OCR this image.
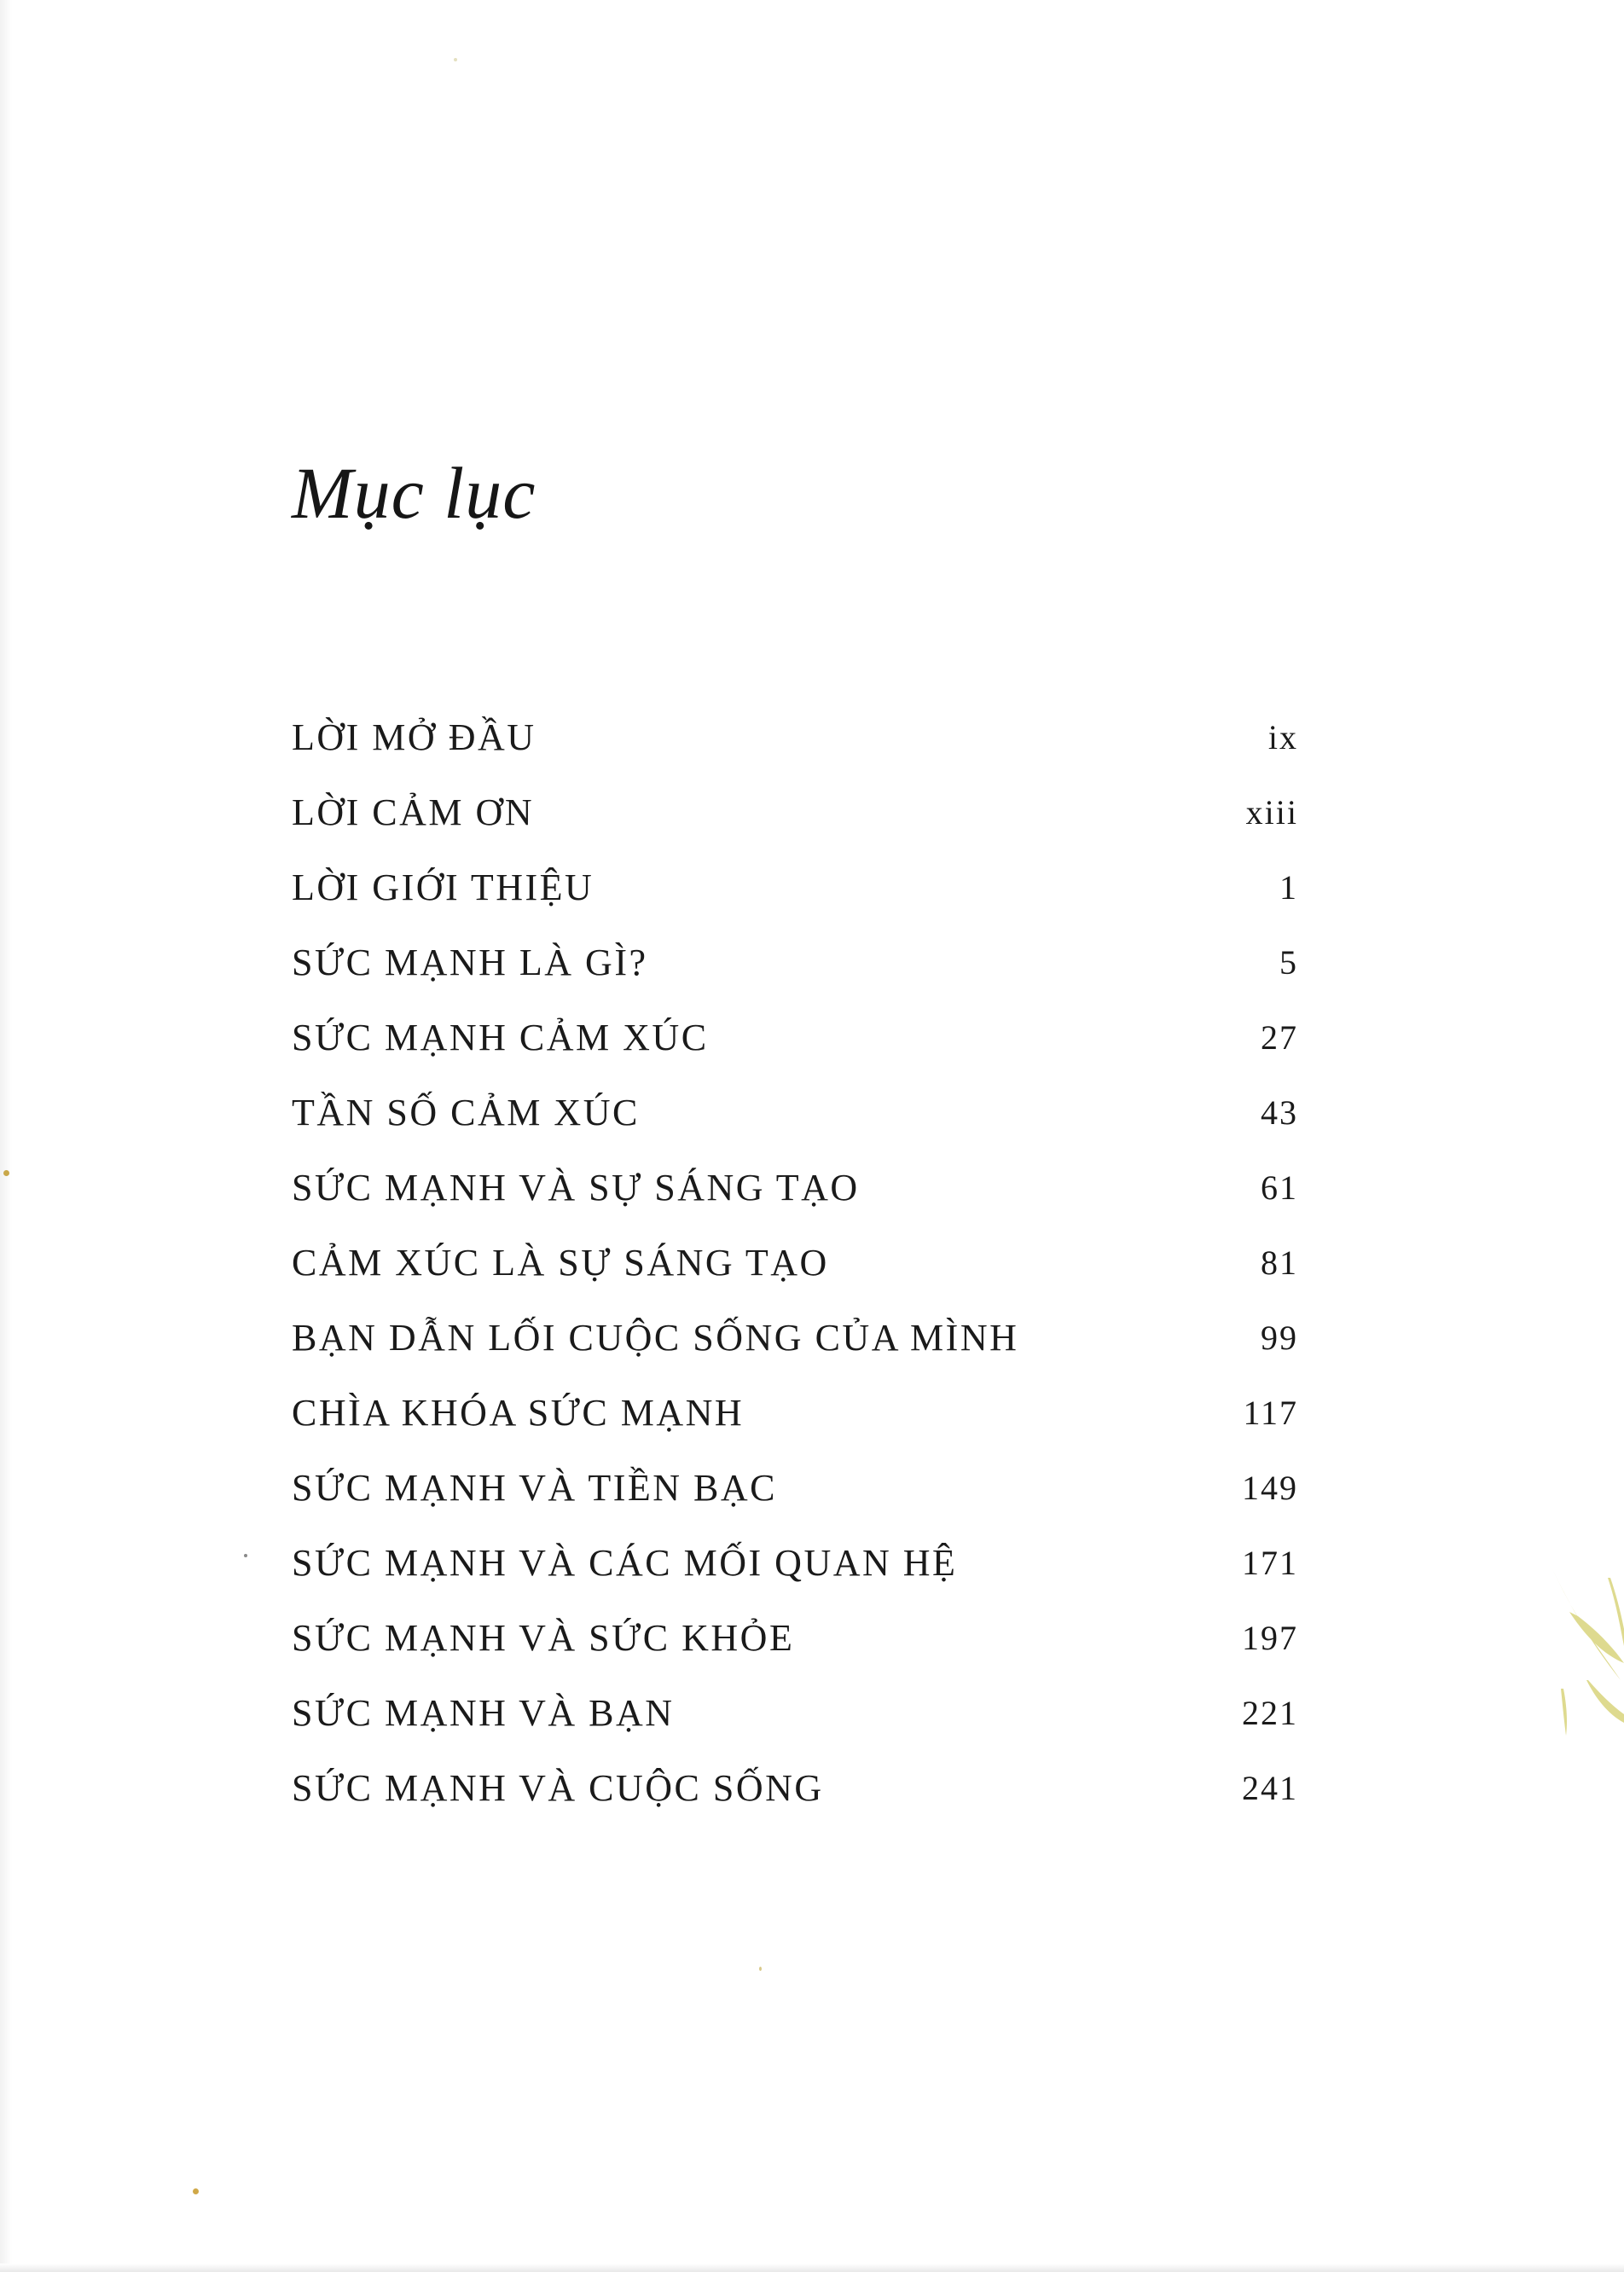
Mục lục
LỜI MỞ ĐẦU	ix
LỜI CẢM ƠN	xiii
LỜI GIỚI THIỆU	1
SỨC MẠNH LÀ GÌ?	5
SỨC MẠNH CẢM XÚC	27
TẦN SỐ CẢM XÚC	43
SỨC MẠNH VÀ SỰ SÁNG TẠO	61
CẢM XÚC LÀ SỰ SÁNG TẠO	81
BẠN DẪN LỐI CUỘC SỐNG CỦA MÌNH	99
CHÌA KHÓA SỨC MẠNH	117
SỨC MẠNH VÀ TIỀN BẠC	149
SỨC MẠNH VÀ CÁC MỐI QUAN HỆ	171
SỨC MẠNH VÀ SỨC KHỎE	197
SỨC MẠNH VÀ BẠN	221
SỨC MẠNH VÀ CUỘC SỐNG	241
